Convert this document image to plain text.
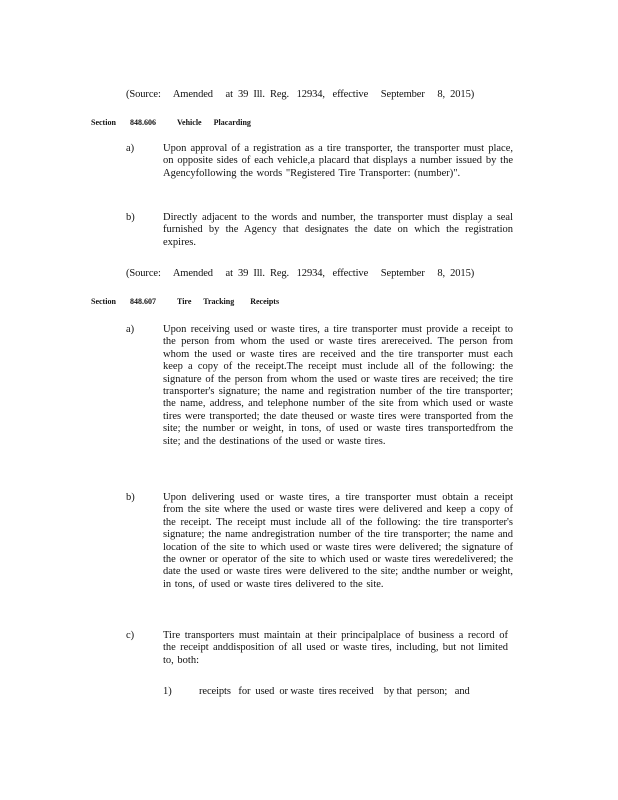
(Source:     Amended     at  39  Ill.  Reg.   12934,   effective     September     8,  2015)
Section 848.606	Vehicle      Placarding
a)	Upon approval of a registration as a tire transporter, the transporter must place, on opposite sides of each vehicle,a placard that displays a number issued by the Agencyfollowing the words "Registered Tire Transporter: (number)".
b)	Directly adjacent to the words and number, the transporter must display a seal furnished by the Agency that designates the date on which the registration expires.
(Source:     Amended     at  39  Ill.  Reg.   12934,   effective     September     8,  2015)
Section 848.607	Tire      Tracking        Receipts
a)	Upon receiving used or waste tires, a tire transporter must provide a receipt to the person from whom the used or waste tires arereceived. The person from whom the used or waste tires are received and the tire transporter must each keep a copy of the receipt.The receipt must include all of the following: the signature of the person from whom the used or waste tires are received; the tire transporter's signature; the name and registration number of the tire transporter; the name, address, and telephone number of the site from which used or waste tires were transported; the date theused or waste tires were transported from the site; the number or weight, in tons, of used or waste tires transportedfrom the site; and the destinations of the used or waste tires.
b)	Upon delivering used or waste tires, a tire transporter must obtain a receipt from the site where the used or waste tires were delivered and keep a copy of the receipt. The receipt must include all of the following: the tire transporter's signature; the name andregistration number of the tire transporter; the name and location of the site to which used or waste tires were delivered; the signature of the owner or operator of the site to which used or waste tires weredelivered; the date the used or waste tires were delivered to the site; andthe number or weight, in tons, of used or waste tires delivered to the site.
c)	Tire transporters must maintain at their principalplace of business a record of the receipt anddisposition of all used or waste tires, including, but not limited to, both:
1)	receipts   for  used  or waste  tires received    by that  person;   and
